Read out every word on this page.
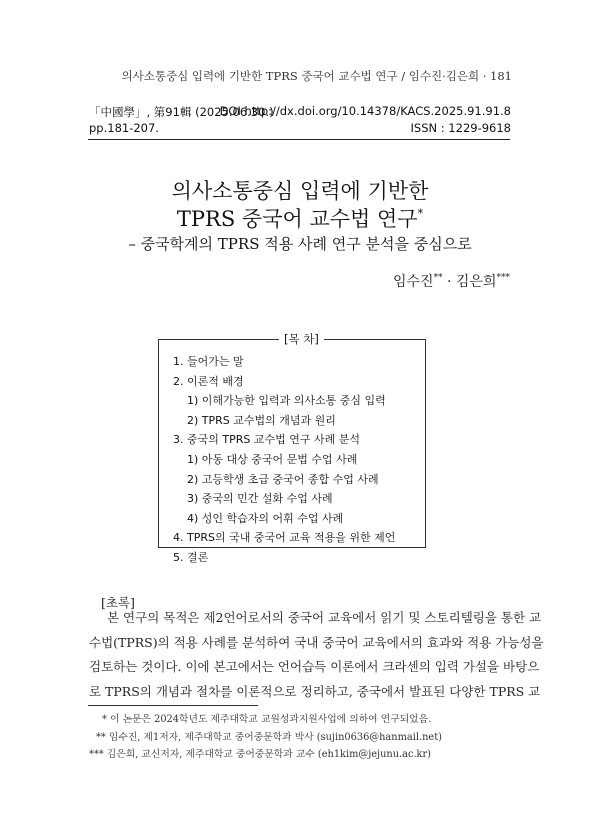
의사소통중심 입력에 기반한 TPRS 중국어 교수법 연구 / 임수진·김은희 · 181
「中國學」, 第91輯 (2025.06.30.)
DOI http://dx.doi.org/10.14378/KACS.2025.91.91.8
pp.181-207.	ISSN : 1229-9618
의사소통중심 입력에 기반한
TPRS 중국어 교수법 연구*
– 중국학계의 TPRS 적용 사례 연구 분석을 중심으로
임수진** · 김은희***
1. 들어가는 말
2. 이론적 배경
1) 이해가능한 입력과 의사소통 중심 입력
2) TPRS 교수법의 개념과 원리
3. 중국의 TPRS 교수법 연구 사례 분석
1) 아동 대상 중국어 문법 수업 사례
2) 고등학생 초급 중국어 종합 수업 사례
3) 중국의 민간 설화 수업 사례
4) 성인 학습자의 어휘 수업 사례
4. TPRS의 국내 중국어 교육 적용을 위한 제언
5. 결론
[목 차]
[초록]
본 연구의 목적은 제2언어로서의 중국어 교육에서 읽기 및 스토리텔링을 통한 교
수법(TPRS)의 적용 사례를 분석하여 국내 중국어 교육에서의 효과와 적용 가능성을
검토하는 것이다. 이에 본고에서는 언어습득 이론에서 크라센의 입력 가설을 바탕으
로 TPRS의 개념과 절차를 이론적으로 정리하고, 중국에서 발표된 다양한 TPRS 교
* 이 논문은 2024학년도 제주대학교 교원성과지원사업에 의하여 연구되었음.
** 임수진, 제1저자, 제주대학교 중어중문학과 박사 (sujin0636@hanmail.net)
*** 김은희, 교신저자, 제주대학교 중어중문학과 교수 (eh1kim@jejunu.ac.kr)
